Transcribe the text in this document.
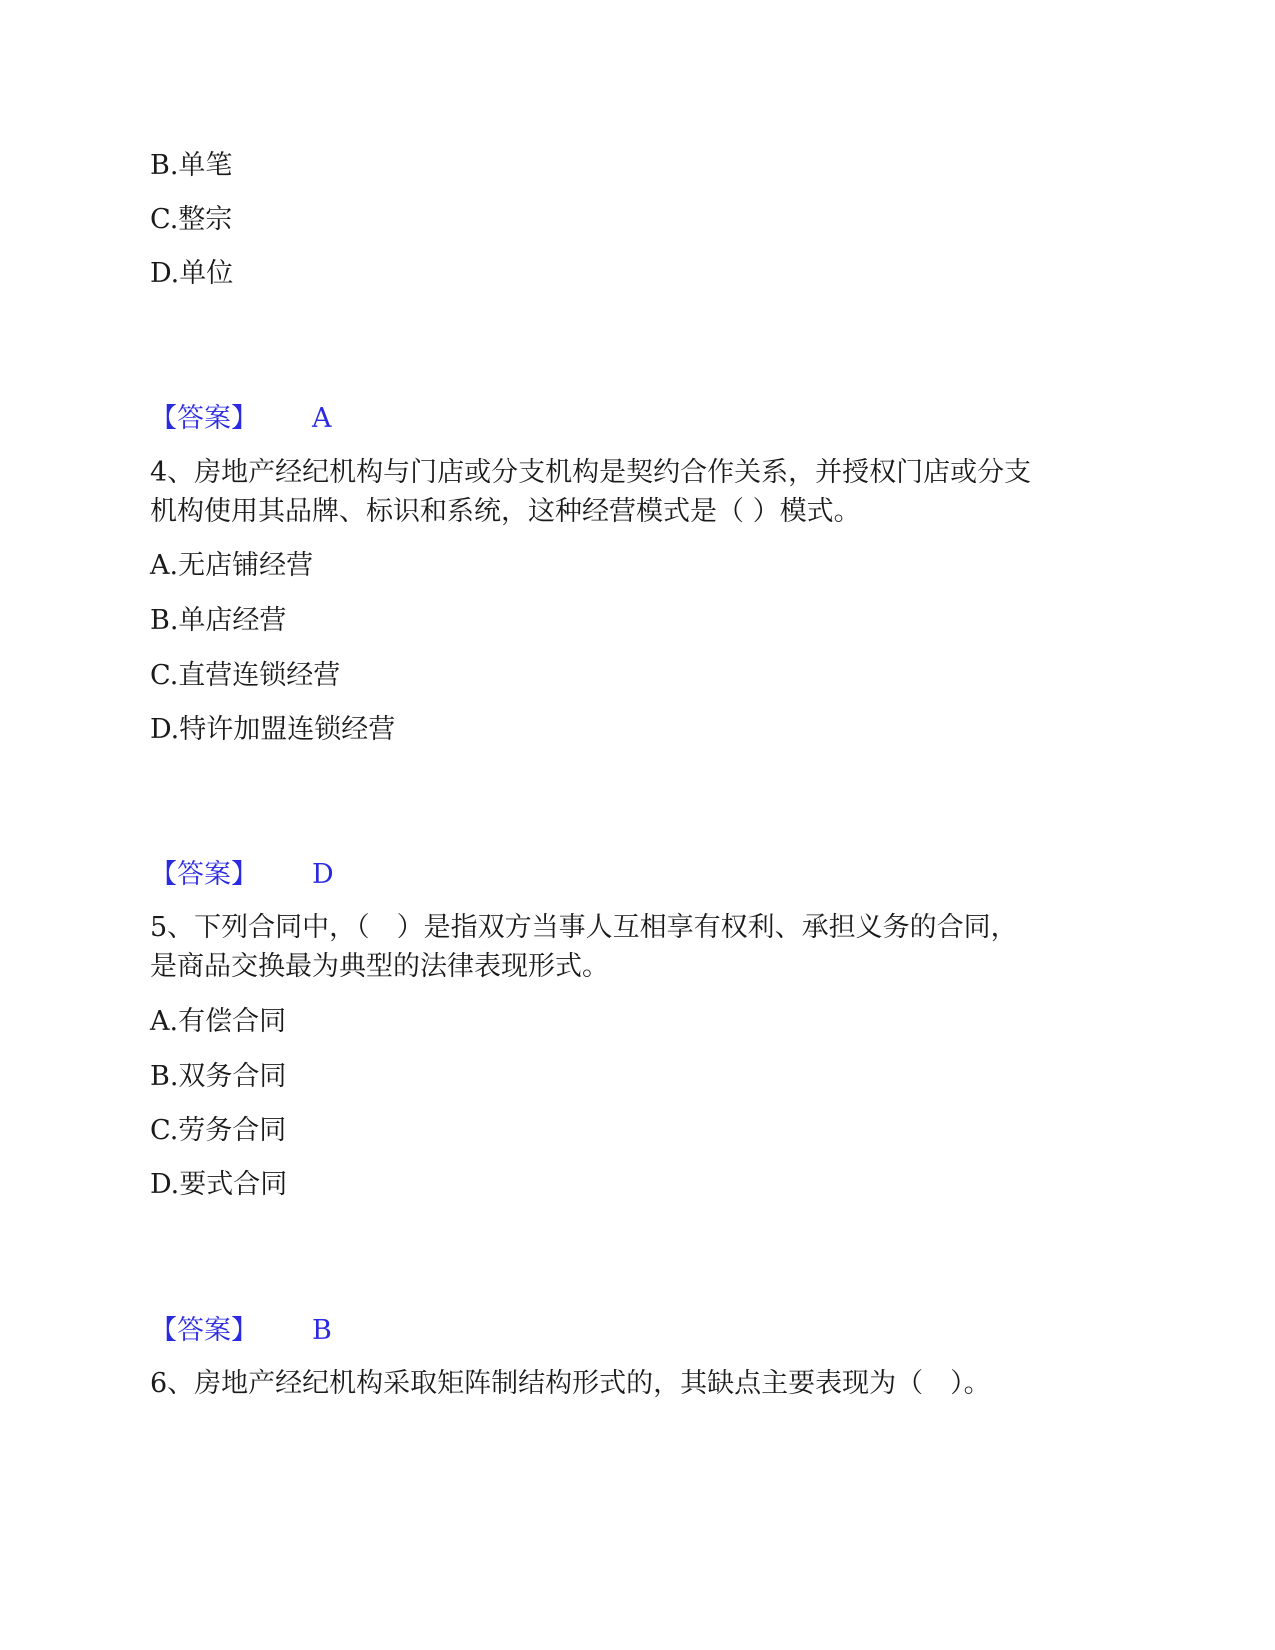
B.单笔
C.整宗
D.单位
【答案】 A
4、房地产经纪机构与门店或分支机构是契约合作关系，并授权门店或分支
机构使用其品牌、标识和系统，这种经营模式是（ ）模式。
A.无店铺经营
B.单店经营
C.直营连锁经营
D.特许加盟连锁经营
【答案】 D
5、下列合同中，（　）是指双方当事人互相享有权利、承担义务的合同，
是商品交换最为典型的法律表现形式。
A.有偿合同
B.双务合同
C.劳务合同
D.要式合同
【答案】 B
6、房地产经纪机构采取矩阵制结构形式的，其缺点主要表现为（　）。
